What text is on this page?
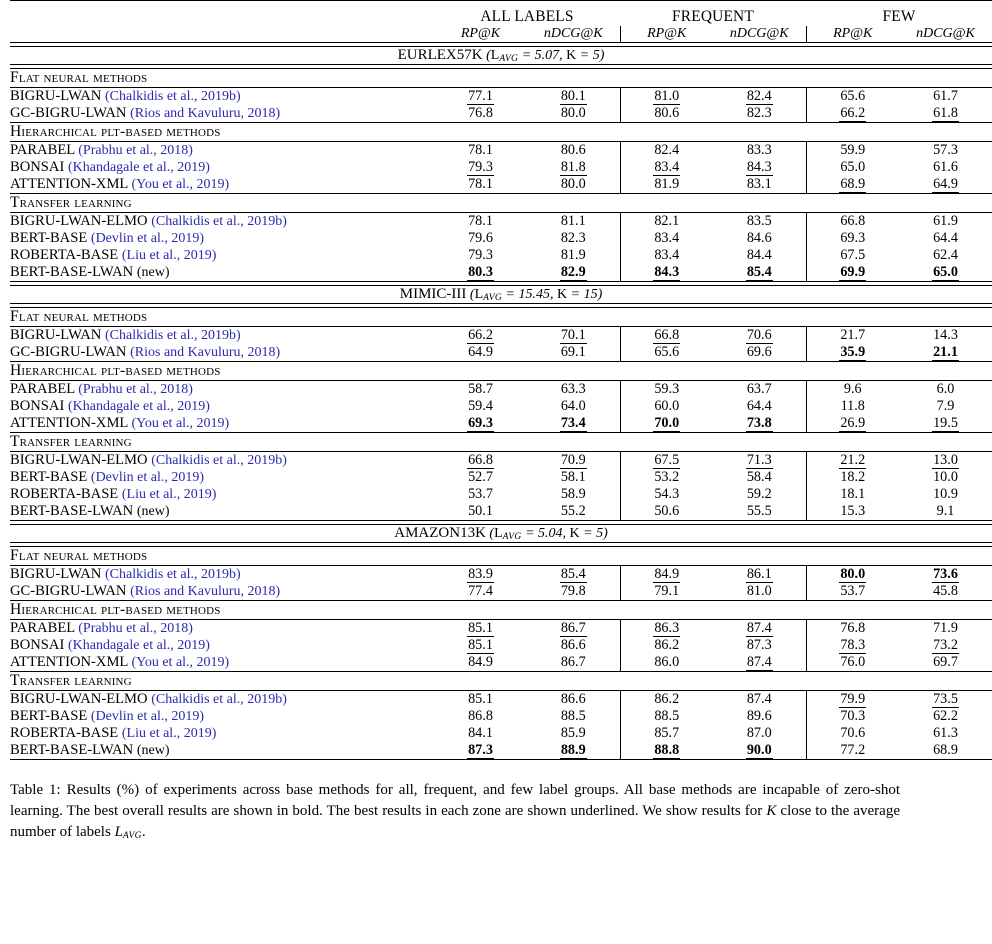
	ALL LABELS		FREQUENT		FEW	
	RP@K	nDCG@K	RP@K	nDCG@K	RP@K	nDCG@K

EURLEX57K (LAVG = 5.07, K = 5)						

Flat neural methods						

BIGRU-LWAN (Chalkidis et al., 2019b)	77.1	80.1	81.0	82.4	65.6	61.7
GC-BIGRU-LWAN (Rios and Kavuluru, 2018)	76.8	80.0	80.6	82.3	66.2	61.8

Hierarchical plt-based methods						

PARABEL (Prabhu et al., 2018)	78.1	80.6	82.4	83.3	59.9	57.3
BONSAI (Khandagale et al., 2019)	79.3	81.8	83.4	84.3	65.0	61.6
ATTENTION-XML (You et al., 2019)	78.1	80.0	81.9	83.1	68.9	64.9

Transfer learning						

BIGRU-LWAN-ELMO (Chalkidis et al., 2019b)	78.1	81.1	82.1	83.5	66.8	61.9
BERT-BASE (Devlin et al., 2019)	79.6	82.3	83.4	84.6	69.3	64.4
ROBERTA-BASE (Liu et al., 2019)	79.3	81.9	83.4	84.4	67.5	62.4
BERT-BASE-LWAN (new)	80.3	82.9	84.3	85.4	69.9	65.0

MIMIC-III (LAVG = 15.45, K = 15)						

Flat neural methods						

BIGRU-LWAN (Chalkidis et al., 2019b)	66.2	70.1	66.8	70.6	21.7	14.3
GC-BIGRU-LWAN (Rios and Kavuluru, 2018)	64.9	69.1	65.6	69.6	35.9	21.1

Hierarchical plt-based methods						

PARABEL (Prabhu et al., 2018)	58.7	63.3	59.3	63.7	9.6	6.0
BONSAI (Khandagale et al., 2019)	59.4	64.0	60.0	64.4	11.8	7.9
ATTENTION-XML (You et al., 2019)	69.3	73.4	70.0	73.8	26.9	19.5

Transfer learning						

BIGRU-LWAN-ELMO (Chalkidis et al., 2019b)	66.8	70.9	67.5	71.3	21.2	13.0
BERT-BASE (Devlin et al., 2019)	52.7	58.1	53.2	58.4	18.2	10.0
ROBERTA-BASE (Liu et al., 2019)	53.7	58.9	54.3	59.2	18.1	10.9
BERT-BASE-LWAN (new)	50.1	55.2	50.6	55.5	15.3	9.1

AMAZON13K (LAVG = 5.04, K = 5)						

Flat neural methods						

BIGRU-LWAN (Chalkidis et al., 2019b)	83.9	85.4	84.9	86.1	80.0	73.6
GC-BIGRU-LWAN (Rios and Kavuluru, 2018)	77.4	79.8	79.1	81.0	53.7	45.8

Hierarchical plt-based methods						

PARABEL (Prabhu et al., 2018)	85.1	86.7	86.3	87.4	76.8	71.9
BONSAI (Khandagale et al., 2019)	85.1	86.6	86.2	87.3	78.3	73.2
ATTENTION-XML (You et al., 2019)	84.9	86.7	86.0	87.4	76.0	69.7

Transfer learning						

BIGRU-LWAN-ELMO (Chalkidis et al., 2019b)	85.1	86.6	86.2	87.4	79.9	73.5
BERT-BASE (Devlin et al., 2019)	86.8	88.5	88.5	89.6	70.3	62.2
ROBERTA-BASE (Liu et al., 2019)	84.1	85.9	85.7	87.0	70.6	61.3
BERT-BASE-LWAN (new)	87.3	88.9	88.8	90.0	77.2	68.9

Table 1: Results (%) of experiments across base methods for all, frequent, and few label groups. All base methods are incapable of zero-shot learning. The best overall results are shown in bold. The best results in each zone are shown underlined. We show results for K close to the average number of labels LAVG.
